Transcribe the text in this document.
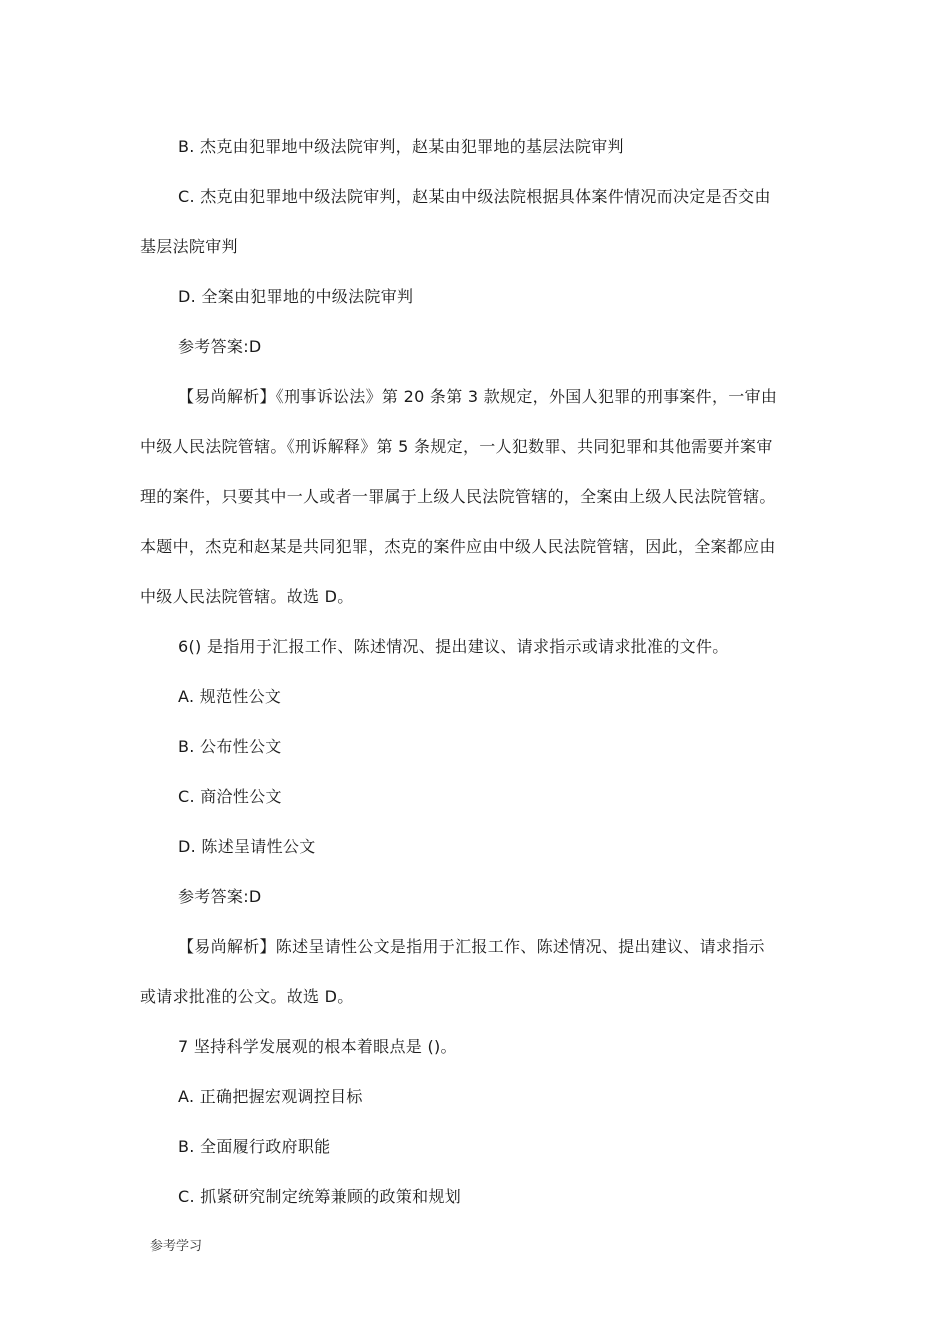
B. 杰克由犯罪地中级法院审判，赵某由犯罪地的基层法院审判
C. 杰克由犯罪地中级法院审判，赵某由中级法院根据具体案件情况而决定是否交由
基层法院审判
D. 全案由犯罪地的中级法院审判
参考答案:D
【易尚解析】《刑事诉讼法》第 20 条第 3 款规定，外国人犯罪的刑事案件，一审由
中级人民法院管辖。《刑诉解释》第 5 条规定，一人犯数罪、共同犯罪和其他需要并案审
理的案件，只要其中一人或者一罪属于上级人民法院管辖的，全案由上级人民法院管辖。
本题中，杰克和赵某是共同犯罪，杰克的案件应由中级人民法院管辖，因此，全案都应由
中级人民法院管辖。故选 D。
6() 是指用于汇报工作、陈述情况、提出建议、请求指示或请求批准的文件。
A. 规范性公文
B. 公布性公文
C. 商洽性公文
D. 陈述呈请性公文
参考答案:D
【易尚解析】陈述呈请性公文是指用于汇报工作、陈述情况、提出建议、请求指示
或请求批准的公文。故选 D。
7 坚持科学发展观的根本着眼点是 ()。
A. 正确把握宏观调控目标
B. 全面履行政府职能
C. 抓紧研究制定统筹兼顾的政策和规划
参考学习
